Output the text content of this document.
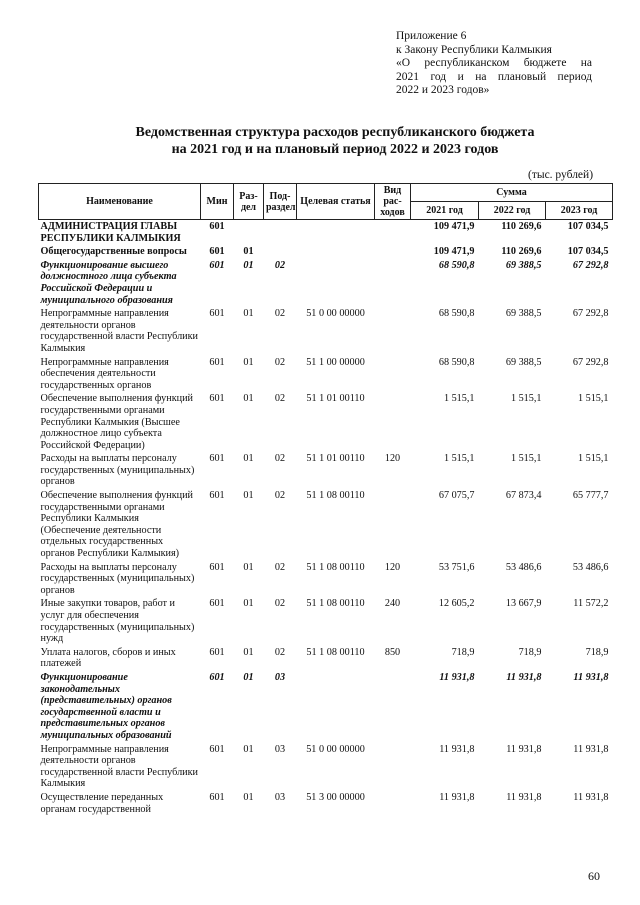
Приложение 6
к Закону Республики Калмыкия
«О республиканском бюджете на
2021 год и на плановый период
2022 и 2023 годов»
Ведомственная структура расходов республиканского бюджета
на 2021 год и на плановый период 2022 и 2023 годов
(тыс. рублей)
Наименование	Мин	Раз-дел	Под-раздел	Целевая статья	Вид рас-ходов	Сумма		
						2021 год	2022 год	2023 год
АДМИНИСТРАЦИЯ ГЛАВЫ РЕСПУБЛИКИ КАЛМЫКИЯ	601					109 471,9	110 269,6	107 034,5
Общегосударственные вопросы	601	01				109 471,9	110 269,6	107 034,5
Функционирование высшего должностного лица субъекта Российской Федерации и муниципального образования	601	01	02			68 590,8	69 388,5	67 292,8
Непрограммные направления деятельности органов государственной власти Республики Калмыкия	601	01	02	51 0 00 00000		68 590,8	69 388,5	67 292,8
Непрограммные направления обеспечения деятельности государственных органов	601	01	02	51 1 00 00000		68 590,8	69 388,5	67 292,8
Обеспечение выполнения функций государственными органами Республики Калмыкия (Высшее должностное лицо субъекта Российской Федерации)	601	01	02	51 1 01 00110		1 515,1	1 515,1	1 515,1
Расходы на выплаты персоналу государственных (муниципальных) органов	601	01	02	51 1 01 00110	120	1 515,1	1 515,1	1 515,1
Обеспечение выполнения функций государственными органами Республики Калмыкия (Обеспечение деятельности отдельных государственных органов Республики Калмыкия)	601	01	02	51 1 08 00110		67 075,7	67 873,4	65 777,7
Расходы на выплаты персоналу государственных (муниципальных) органов	601	01	02	51 1 08 00110	120	53 751,6	53 486,6	53 486,6
Иные закупки товаров, работ и услуг для обеспечения государственных (муниципальных) нужд	601	01	02	51 1 08 00110	240	12 605,2	13 667,9	11 572,2
Уплата налогов, сборов и иных платежей	601	01	02	51 1 08 00110	850	718,9	718,9	718,9
Функционирование законодательных (представительных) органов государственной власти и представительных органов муниципальных образований	601	01	03			11 931,8	11 931,8	11 931,8
Непрограммные направления деятельности органов государственной власти Республики Калмыкия	601	01	03	51 0 00 00000		11 931,8	11 931,8	11 931,8
Осуществление переданных органам государственной	601	01	03	51 3 00 00000		11 931,8	11 931,8	11 931,8
60
